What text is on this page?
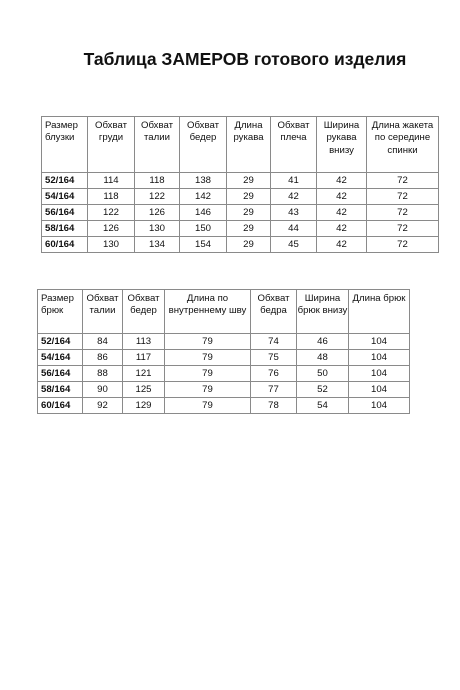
Таблица ЗАМЕРОВ готового изделия
Размер блузки	Обхват груди	Обхват талии	Обхват бедер	Длина рукава	Обхват плеча	Ширина рукава внизу	Длина жакета по середине спинки
52/164	114	118	138	29	41	42	72
54/164	118	122	142	29	42	42	72
56/164	122	126	146	29	43	42	72
58/164	126	130	150	29	44	42	72
60/164	130	134	154	29	45	42	72
Размер брюк	Обхват талии	Обхват бедер	Длина по внутреннему шву	Обхват бедра	Ширина брюк внизу	Длина брюк
52/164	84	113	79	74	46	104
54/164	86	117	79	75	48	104
56/164	88	121	79	76	50	104
58/164	90	125	79	77	52	104
60/164	92	129	79	78	54	104
